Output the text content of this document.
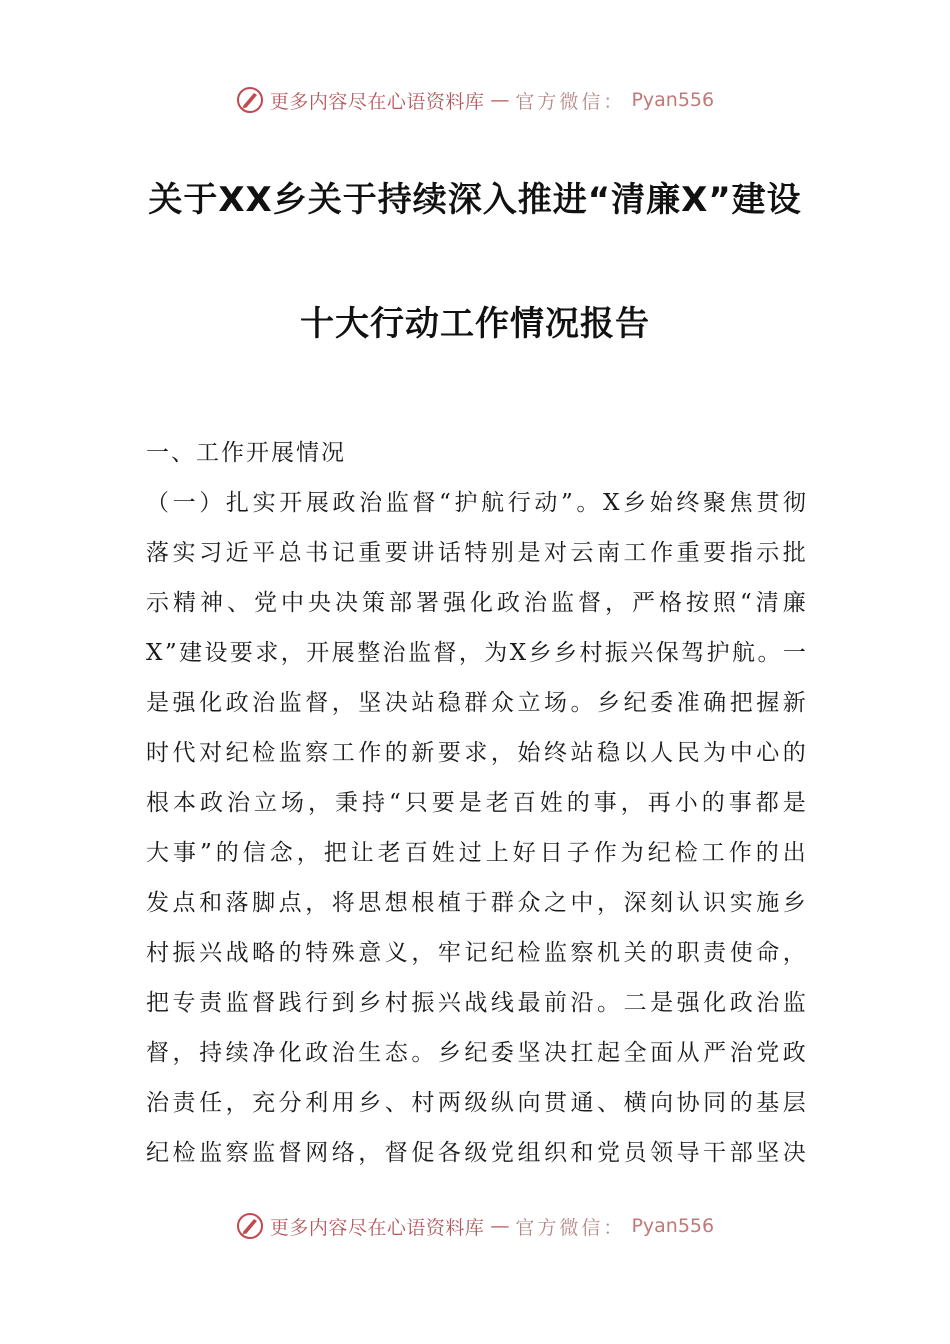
更多内容尽在心语资料库 — 官方微信： Pyan556
关于XX乡关于持续深入推进“清廉X”建设
十大行动工作情况报告
一、工作开展情况
（ 一 ） 扎 实 开 展 政 治 监 督 “ 护 航 行 动 ” 。 X 乡 始 终 聚 焦 贯 彻
落 实 习 近 平 总 书 记 重 要 讲 话 特 别 是 对 云 南 工 作 重 要 指 示 批
示 精 神 、 党 中 央 决 策 部 署 强 化 政 治 监 督 ， 严 格 按 照 “ 清 廉
X ” 建 设 要 求 ， 开 展 整 治 监 督 ， 为 X 乡 乡 村 振 兴 保 驾 护 航 。 一
是 强 化 政 治 监 督 ， 坚 决 站 稳 群 众 立 场 。 乡 纪 委 准 确 把 握 新
时 代 对 纪 检 监 察 工 作 的 新 要 求 ， 始 终 站 稳 以 人 民 为 中 心 的
根 本 政 治 立 场 ， 秉 持 “ 只 要 是 老 百 姓 的 事 ， 再 小 的 事 都 是
大 事 ” 的 信 念 ， 把 让 老 百 姓 过 上 好 日 子 作 为 纪 检 工 作 的 出
发 点 和 落 脚 点 ， 将 思 想 根 植 于 群 众 之 中 ， 深 刻 认 识 实 施 乡
村 振 兴 战 略 的 特 殊 意 义 ， 牢 记 纪 检 监 察 机 关 的 职 责 使 命 ，
把 专 责 监 督 践 行 到 乡 村 振 兴 战 线 最 前 沿 。 二 是 强 化 政 治 监
督 ， 持 续 净 化 政 治 生 态 。 乡 纪 委 坚 决 扛 起 全 面 从 严 治 党 政
治 责 任 ， 充 分 利 用 乡 、 村 两 级 纵 向 贯 通 、 横 向 协 同 的 基 层
纪 检 监 察 监 督 网 络 ， 督 促 各 级 党 组 织 和 党 员 领 导 干 部 坚 决
更多内容尽在心语资料库 — 官方微信： Pyan556
